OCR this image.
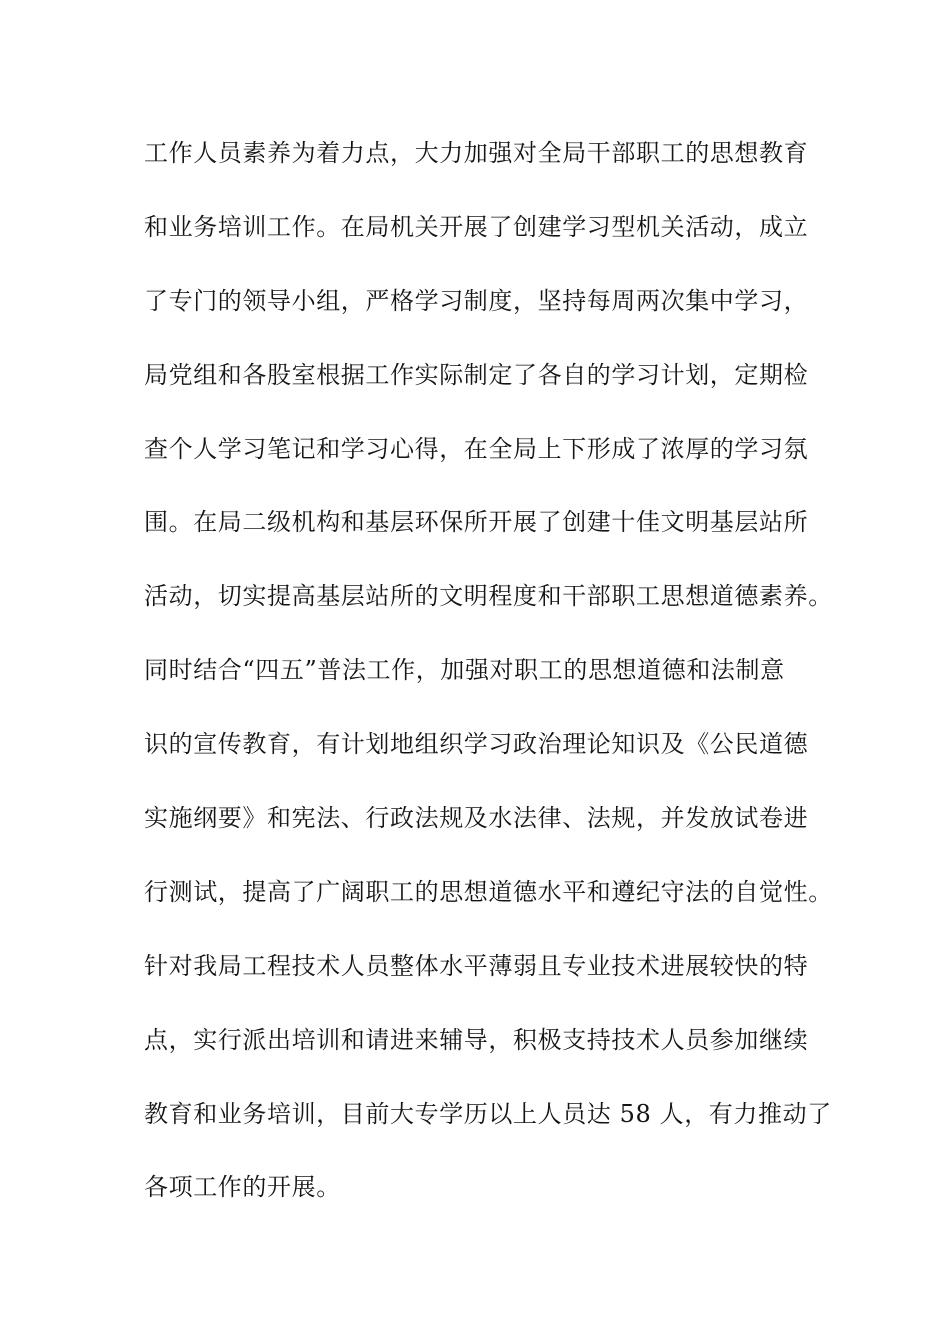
工作人员素养为着力点，大力加强对全局干部职工的思想教育
和业务培训工作。在局机关开展了创建学习型机关活动，成立
了专门的领导小组，严格学习制度，坚持每周两次集中学习，
局党组和各股室根据工作实际制定了各自的学习计划，定期检
查个人学习笔记和学习心得，在全局上下形成了浓厚的学习氛
围。在局二级机构和基层环保所开展了创建十佳文明基层站所
活动，切实提高基层站所的文明程度和干部职工思想道德素养。
同时结合“四五”普法工作，加强对职工的思想道德和法制意
识的宣传教育，有计划地组织学习政治理论知识及《公民道德
实施纲要》和宪法、行政法规及水法律、法规，并发放试卷进
行测试，提高了广阔职工的思想道德水平和遵纪守法的自觉性。
针对我局工程技术人员整体水平薄弱且专业技术进展较快的特
点，实行派出培训和请进来辅导，积极支持技术人员参加继续
教育和业务培训，目前大专学历以上人员达 58 人，有力推动了
各项工作的开展。
